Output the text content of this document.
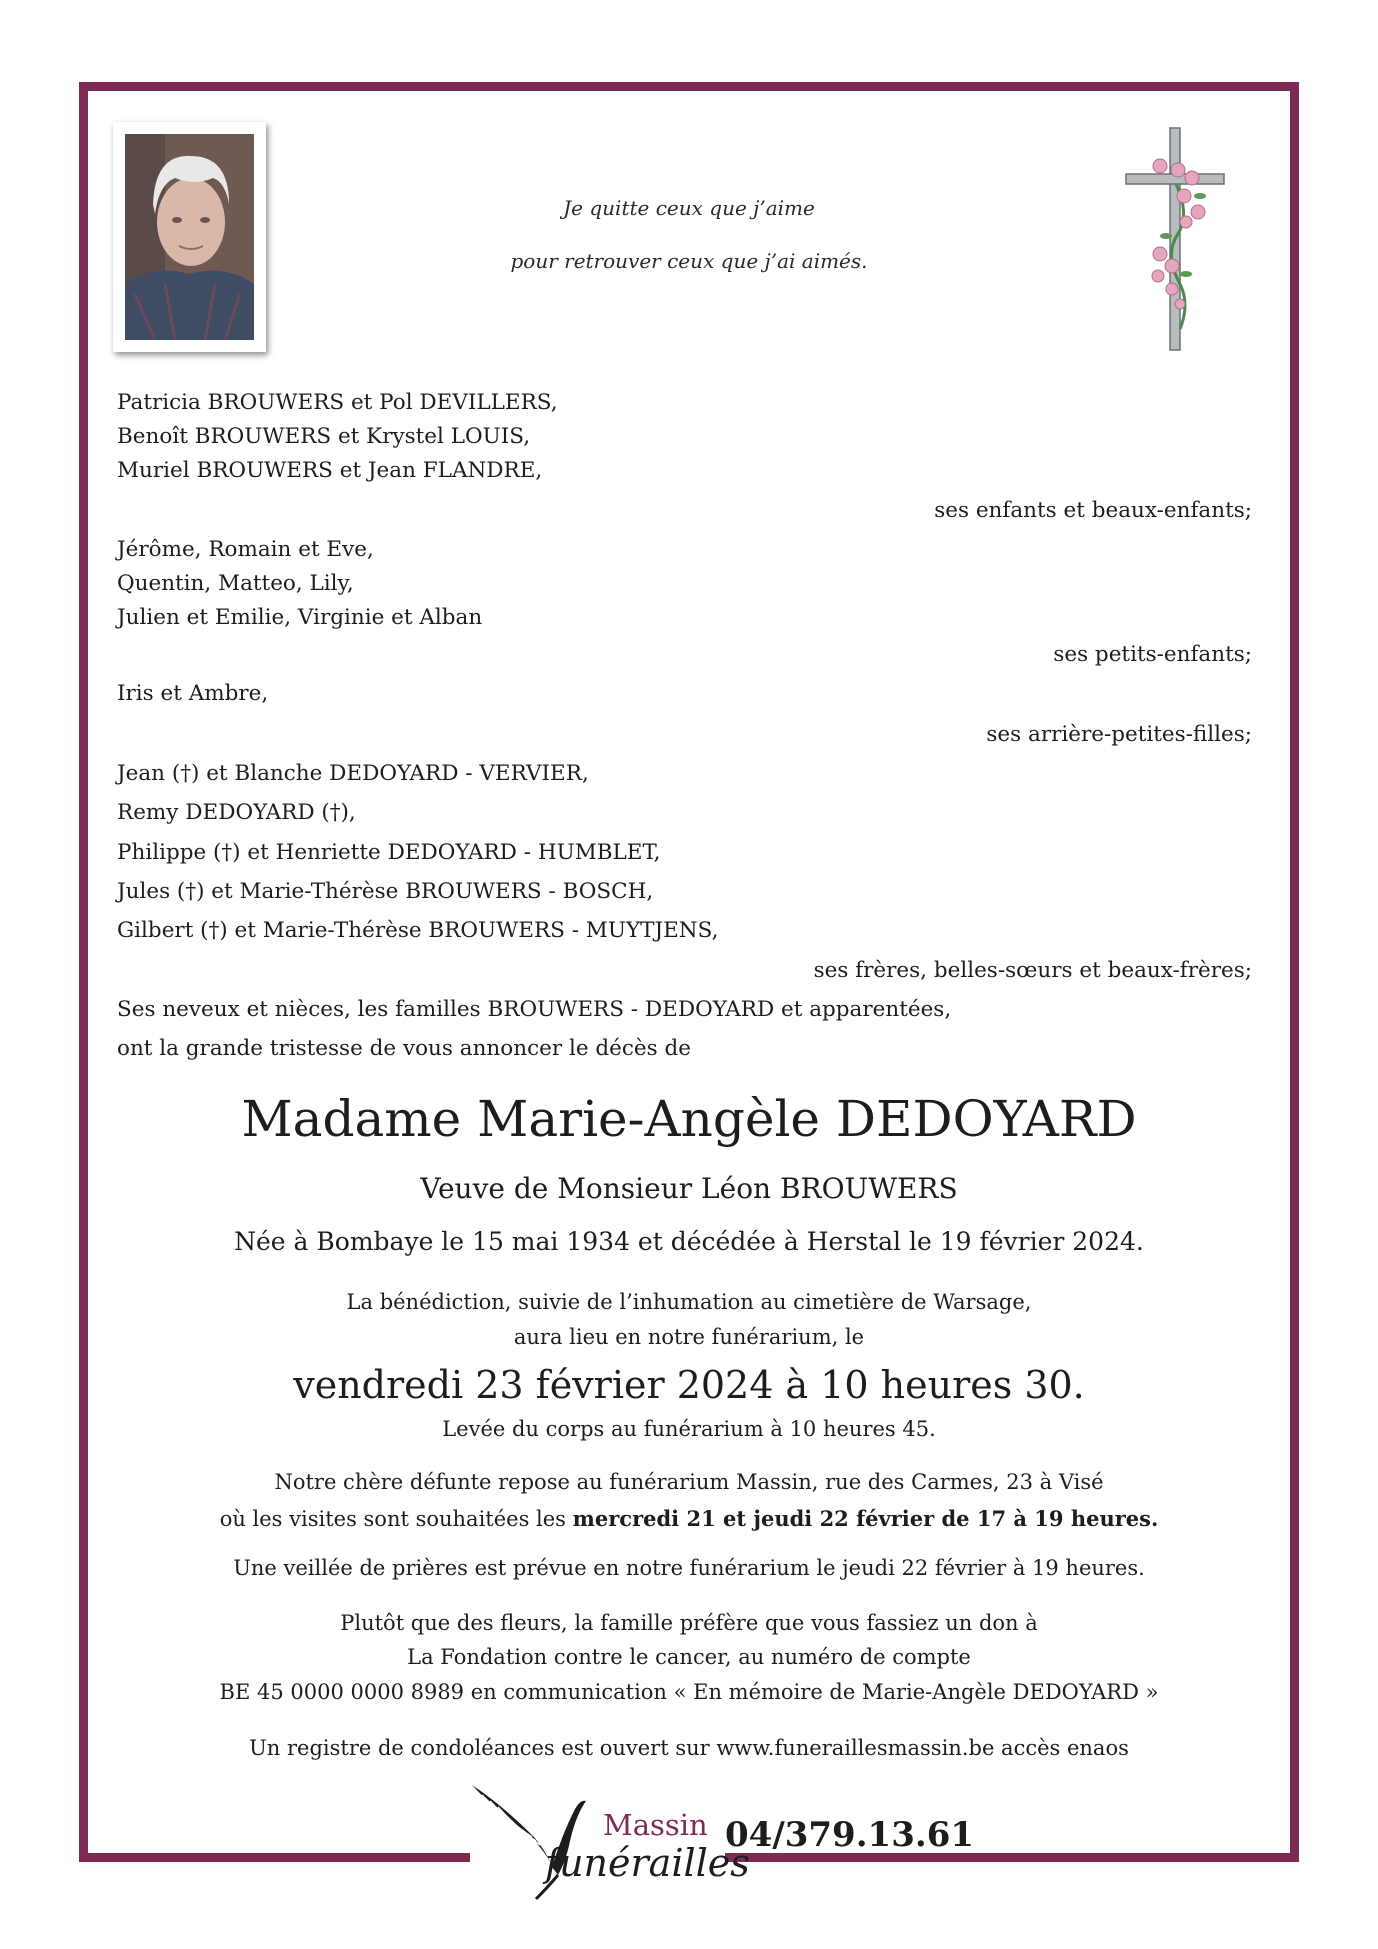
Je quitte ceux que j’aime
pour retrouver ceux que j’ai aimés.
Patricia BROUWERS et Pol DEVILLERS,
Benoît BROUWERS et Krystel LOUIS,
Muriel BROUWERS et Jean FLANDRE,
ses enfants et beaux-enfants;
Jérôme, Romain et Eve,
Quentin, Matteo, Lily,
Julien et Emilie, Virginie et Alban
ses petits-enfants;
Iris et Ambre,
ses arrière-petites-filles;
Jean (†) et Blanche DEDOYARD - VERVIER,
Remy DEDOYARD (†),
Philippe (†) et Henriette DEDOYARD - HUMBLET,
Jules (†) et Marie-Thérèse BROUWERS - BOSCH,
Gilbert (†) et Marie-Thérèse BROUWERS - MUYTJENS,
ses frères, belles-sœurs et beaux-frères;
Ses neveux et nièces, les familles BROUWERS - DEDOYARD et apparentées,
ont la grande tristesse de vous annoncer le décès de
Madame Marie-Angèle DEDOYARD
Veuve de Monsieur Léon BROUWERS
Née à Bombaye le 15 mai 1934 et décédée à Herstal le 19 février 2024.
La bénédiction, suivie de l’inhumation au cimetière de Warsage,
aura lieu en notre funérarium, le
vendredi 23 février 2024 à 10 heures 30.
Levée du corps au funérarium à 10 heures 45.
Notre chère défunte repose au funérarium Massin, rue des Carmes, 23 à Visé
où les visites sont souhaitées les mercredi 21 et jeudi 22 février de 17 à 19 heures.
Une veillée de prières est prévue en notre funérarium le jeudi 22 février à 19 heures.
Plutôt que des fleurs, la famille préfère que vous fassiez un don à
La Fondation contre le cancer, au numéro de compte
BE 45 0000 0000 8989 en communication « En mémoire de Marie-Angèle DEDOYARD »
Un registre de condoléances est ouvert sur www.funeraillesmassin.be accès enaos
Massin
funérailles
04/379.13.61
